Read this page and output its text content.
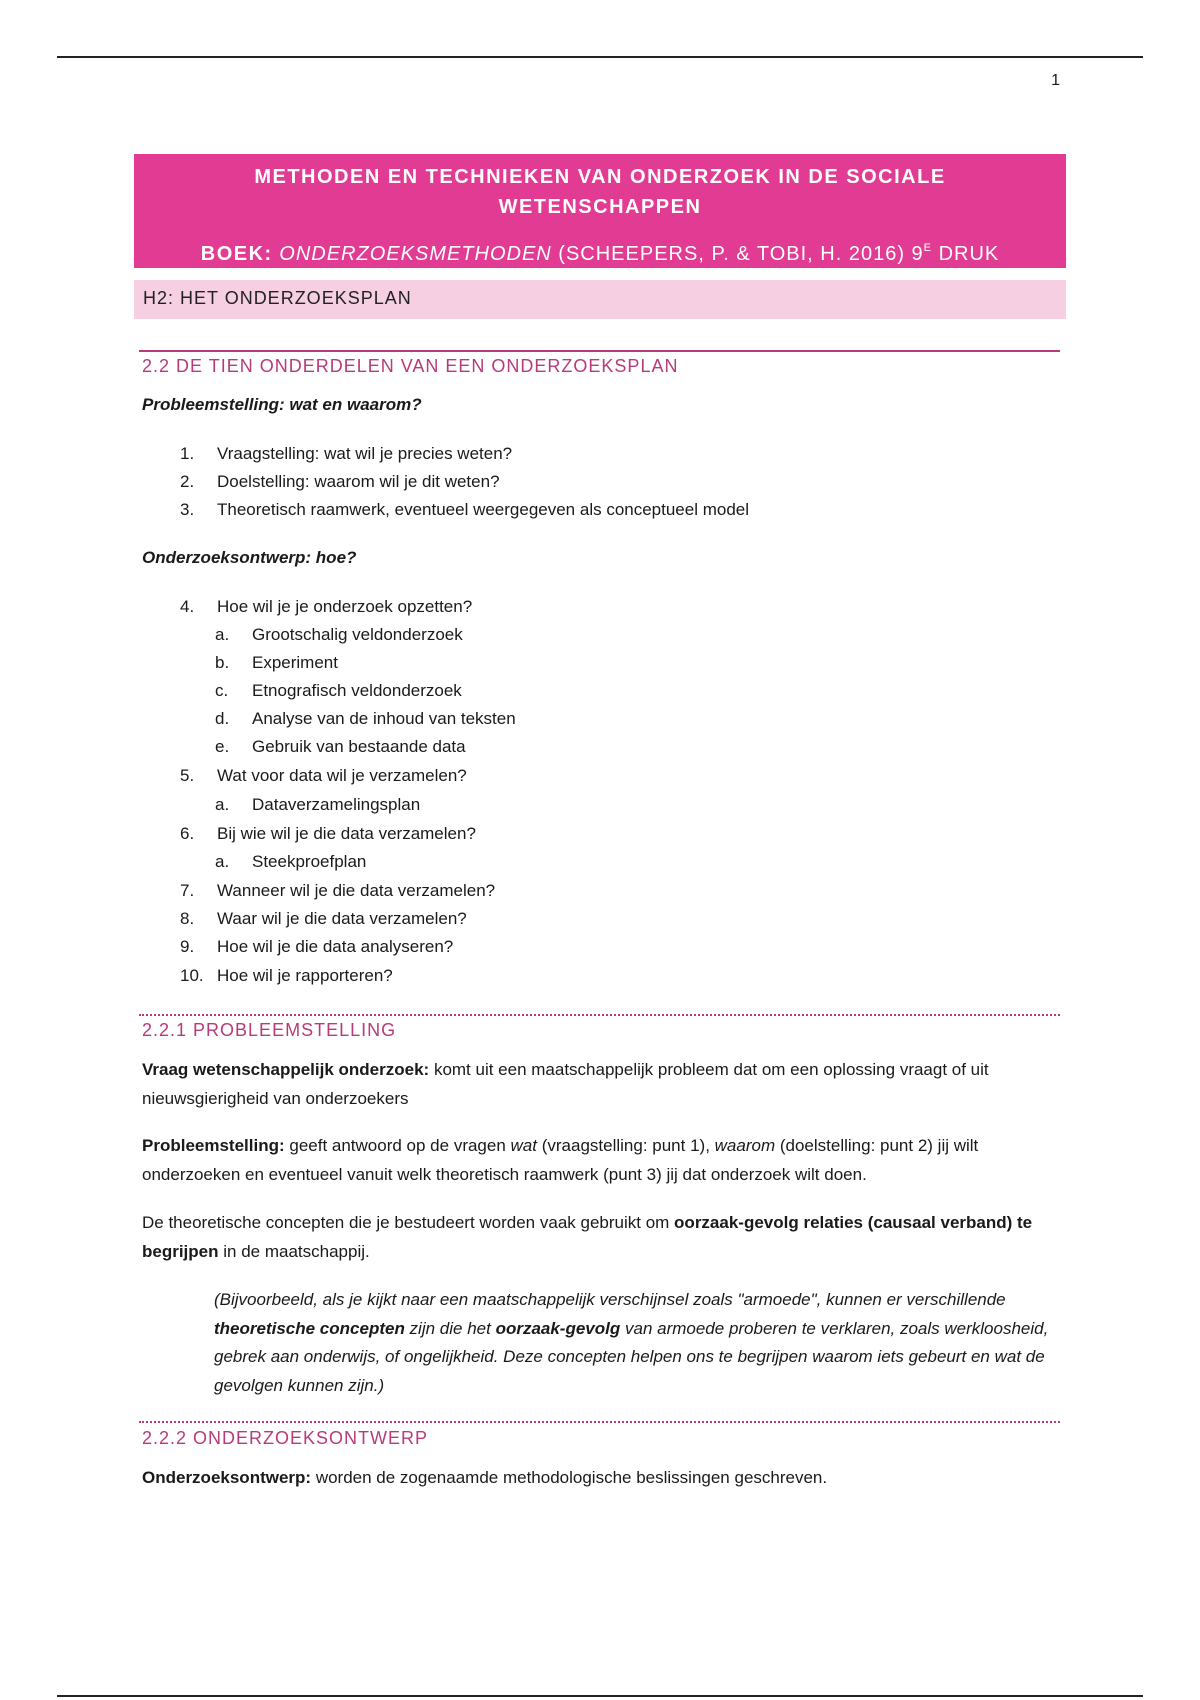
1
METHODEN EN TECHNIEKEN VAN ONDERZOEK IN DE SOCIALE
WETENSCHAPPEN
BOEK: ONDERZOEKSMETHODEN (SCHEEPERS, P. & TOBI, H. 2016) $9^E$ DRUK
H2: HET ONDERZOEKSPLAN
2.2 DE TIEN ONDERDELEN VAN EEN ONDERZOEKSPLAN
Probleemstelling: wat en waarom?
1.	Vraagstelling: wat wil je precies weten?
2.	Doelstelling: waarom wil je dit weten?
3.	Theoretisch raamwerk, eventueel weergegeven als conceptueel model
Onderzoeksontwerp: hoe?
4.	Hoe wil je je onderzoek opzetten?
a.	Grootschalig veldonderzoek
b.	Experiment
c.	Etnografisch veldonderzoek
d.	Analyse van de inhoud van teksten
e.	Gebruik van bestaande data
5.	Wat voor data wil je verzamelen?
a.	Dataverzamelingsplan
6.	Bij wie wil je die data verzamelen?
a.	Steekproefplan
7.	Wanneer wil je die data verzamelen?
8.	Waar wil je die data verzamelen?
9.	Hoe wil je die data analyseren?
10. Hoe wil je rapporteren?
2.2.1 PROBLEEMSTELLING
Vraag wetenschappelijk onderzoek: komt uit een maatschappelijk probleem dat om een oplossing vraagt of uit nieuwsgierigheid van onderzoekers
Probleemstelling: geeft antwoord op de vragen wat (vraagstelling: punt 1), waarom (doelstelling: punt 2) jij wilt onderzoeken en eventueel vanuit welk theoretisch raamwerk (punt 3) jij dat onderzoek wilt doen.
De theoretische concepten die je bestudeert worden vaak gebruikt om oorzaak-gevolg relaties (causaal verband) te begrijpen in de maatschappij.
(Bijvoorbeeld, als je kijkt naar een maatschappelijk verschijnsel zoals "armoede", kunnen er verschillende theoretische concepten zijn die het oorzaak-gevolg van armoede proberen te verklaren, zoals werkloosheid, gebrek aan onderwijs, of ongelijkheid. Deze concepten helpen ons te begrijpen waarom iets gebeurt en wat de gevolgen kunnen zijn.)
2.2.2 ONDERZOEKSONTWERP
Onderzoeksontwerp: worden de zogenaamde methodologische beslissingen geschreven.
